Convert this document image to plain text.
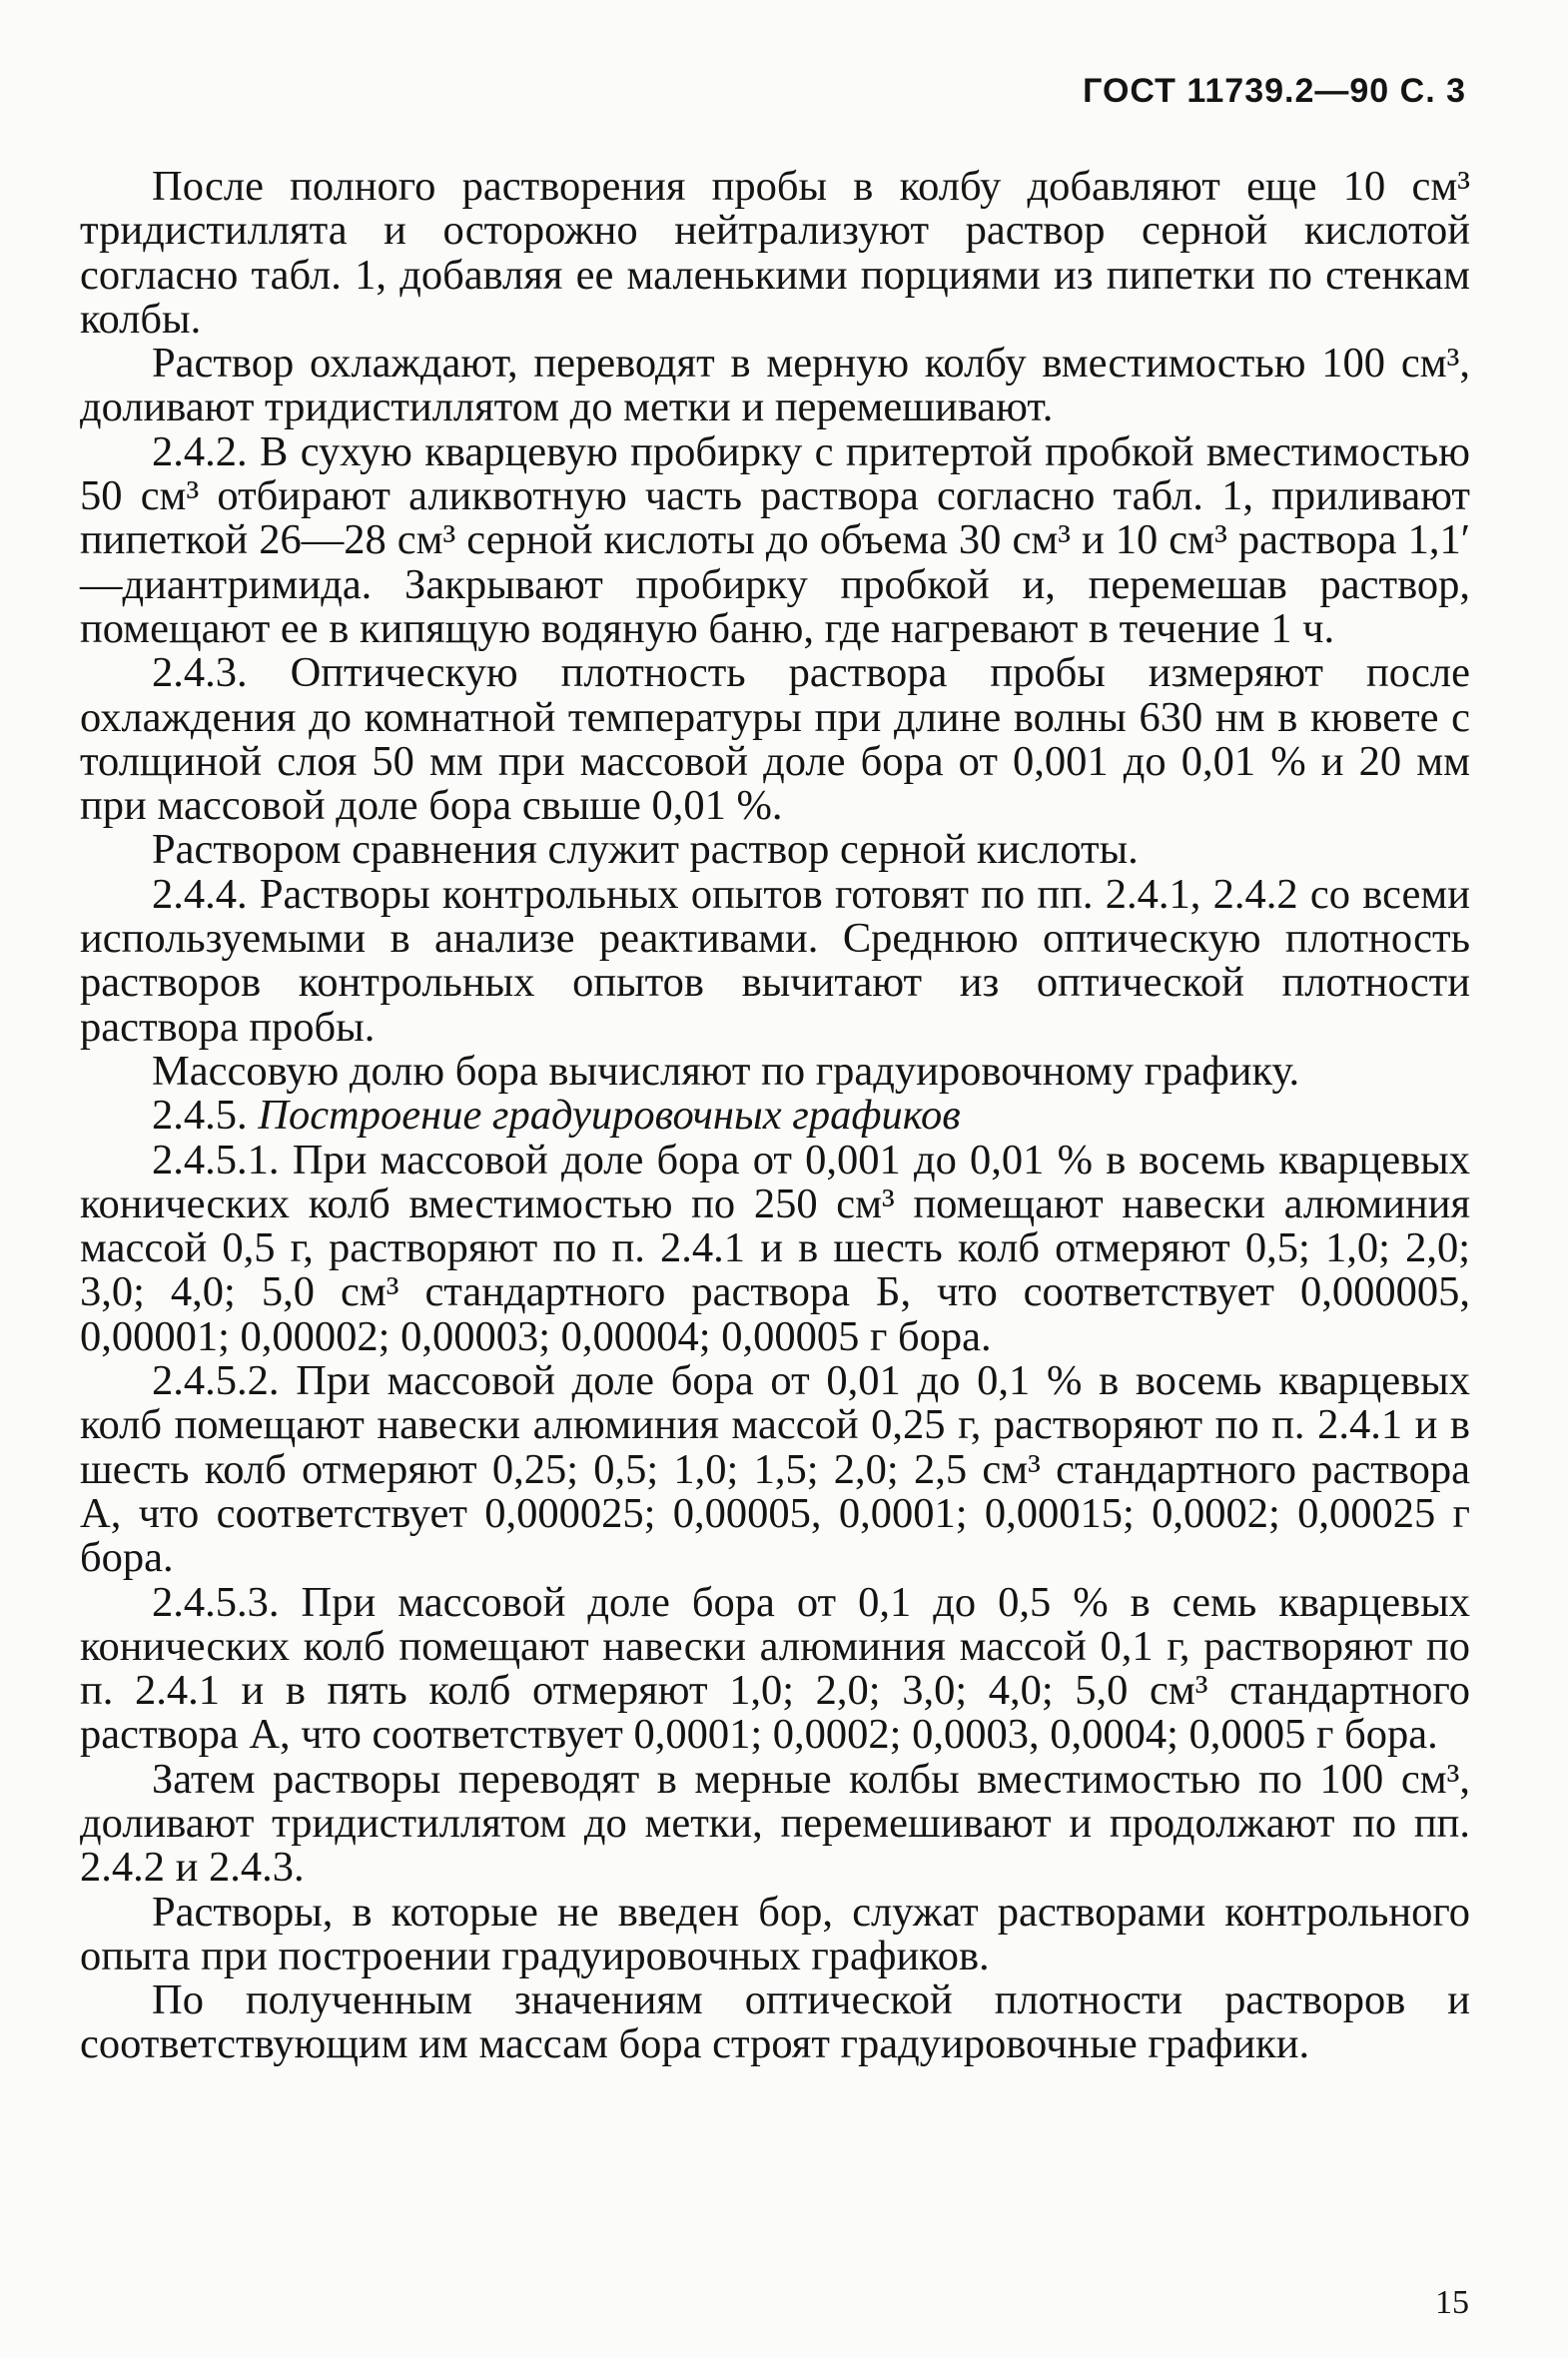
ГОСТ 11739.2—90 С. 3

После полного растворения пробы в колбу добавляют еще 10 см³ тридистиллята и осторожно нейтрализуют раствор серной кислотой согласно табл. 1, добавляя ее маленькими порциями из пипетки по стенкам колбы.

Раствор охлаждают, переводят в мерную колбу вместимостью 100 см³, доливают тридистиллятом до метки и перемешивают.

2.4.2. В сухую кварцевую пробирку с притертой пробкой вместимостью 50 см³ отбирают аликвотную часть раствора согласно табл. 1, приливают пипеткой 26—28 см³ серной кислоты до объема 30 см³ и 10 см³ раствора 1,1′—диантримида. Закрывают пробирку пробкой и, перемешав раствор, помещают ее в кипящую водяную баню, где нагревают в течение 1 ч.

2.4.3. Оптическую плотность раствора пробы измеряют после охлаждения до комнатной температуры при длине волны 630 нм в кювете с толщиной слоя 50 мм при массовой доле бора от 0,001 до 0,01 % и 20 мм при массовой доле бора свыше 0,01 %.

Раствором сравнения служит раствор серной кислоты.

2.4.4. Растворы контрольных опытов готовят по пп. 2.4.1, 2.4.2 со всеми используемыми в анализе реактивами. Среднюю оптическую плотность растворов контрольных опытов вычитают из оптической плотности раствора пробы.

Массовую долю бора вычисляют по градуировочному графику.

2.4.5. Построение градуировочных графиков

2.4.5.1. При массовой доле бора от 0,001 до 0,01 % в восемь кварцевых конических колб вместимостью по 250 см³ помещают навески алюминия массой 0,5 г, растворяют по п. 2.4.1 и в шесть колб отмеряют 0,5; 1,0; 2,0; 3,0; 4,0; 5,0 см³ стандартного раствора Б, что соответствует 0,000005, 0,00001; 0,00002; 0,00003; 0,00004; 0,00005 г бора.

2.4.5.2. При массовой доле бора от 0,01 до 0,1 % в восемь кварцевых колб помещают навески алюминия массой 0,25 г, растворяют по п. 2.4.1 и в шесть колб отмеряют 0,25; 0,5; 1,0; 1,5; 2,0; 2,5 см³ стандартного раствора А, что соответствует 0,000025; 0,00005, 0,0001; 0,00015; 0,0002; 0,00025 г бора.

2.4.5.3. При массовой доле бора от 0,1 до 0,5 % в семь кварцевых конических колб помещают навески алюминия массой 0,1 г, растворяют по п. 2.4.1 и в пять колб отмеряют 1,0; 2,0; 3,0; 4,0; 5,0 см³ стандартного раствора А, что соответствует 0,0001; 0,0002; 0,0003, 0,0004; 0,0005 г бора.

Затем растворы переводят в мерные колбы вместимостью по 100 см³, доливают тридистиллятом до метки, перемешивают и продолжают по пп. 2.4.2 и 2.4.3.

Растворы, в которые не введен бор, служат растворами контрольного опыта при построении градуировочных графиков.

По полученным значениям оптической плотности растворов и соответствующим им массам бора строят градуировочные графики.

15
